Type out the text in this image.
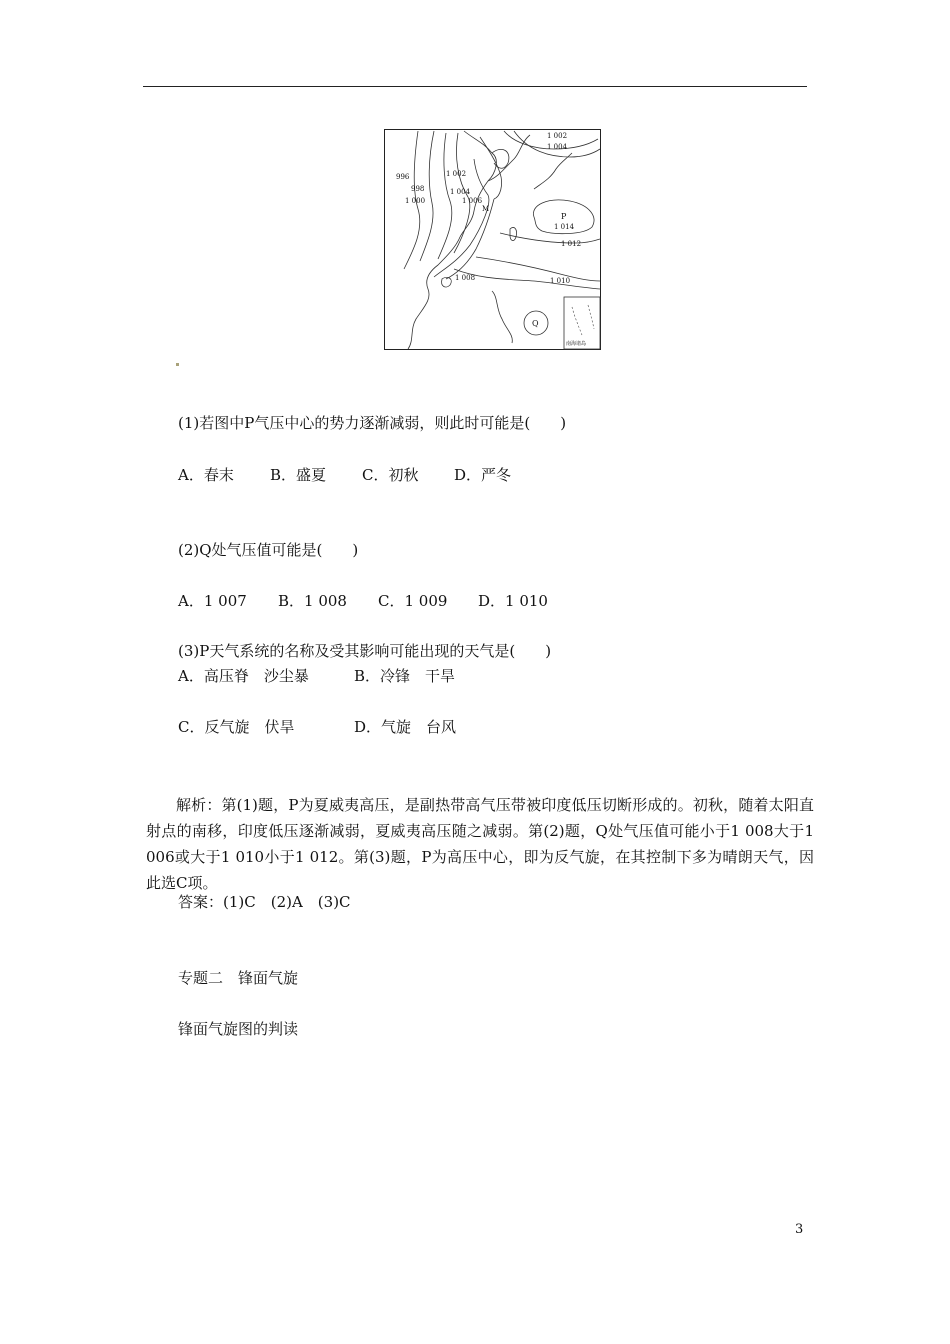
1 002
1 004
996
998
1 000
1 002
1 004
1 006
M
P
1 014
1 012
1 008	1 010
Q
南海诸岛
(1)若图中P气压中心的势力逐渐减弱，则此时可能是(　　)
A．春末 B．盛夏 C．初秋 D．严冬
(2)Q处气压值可能是(　　)
A．1 007 B．1 008 C．1 009 D．1 010
(3)P天气系统的名称及受其影响可能出现的天气是(　　)
A．高压脊　沙尘暴	B．冷锋　干旱
C．反气旋　伏旱	D．气旋　台风
解析：第(1)题，P为夏威夷高压，是副热带高气压带被印度低压切断形成的。初秋，随着太阳直射点的南移，印度低压逐渐减弱，夏威夷高压随之减弱。第(2)题，Q处气压值可能小于1 008大于1 006或大于1 010小于1 012。第(3)题，P为高压中心，即为反气旋，在其控制下多为晴朗天气，因此选C项。
答案：(1)C　(2)A　(3)C
专题二　锋面气旋
锋面气旋图的判读
3
